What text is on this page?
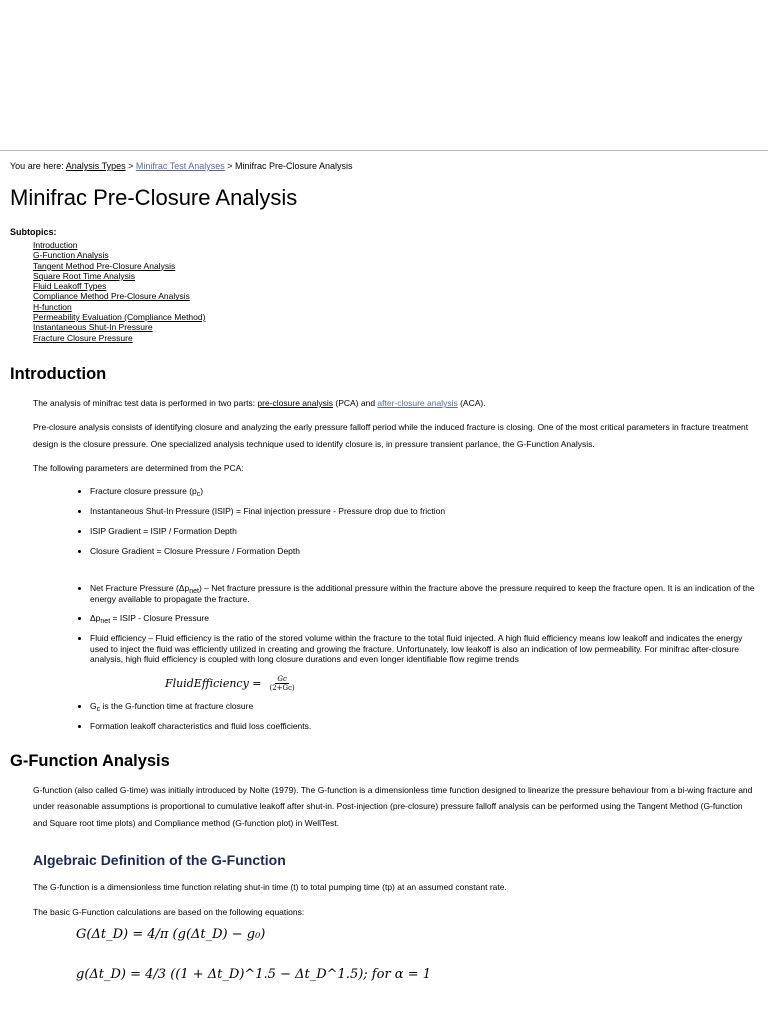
You are here: Analysis Types > Minifrac Test Analyses > Minifrac Pre-Closure Analysis
Minifrac Pre-Closure Analysis
Subtopics:
Introduction
G-Function Analysis
Tangent Method Pre-Closure Analysis
Square Root Time Analysis
Fluid Leakoff Types
Compliance Method Pre-Closure Analysis
H-function
Permeability Evaluation (Compliance Method)
Instantaneous Shut-In Pressure
Fracture Closure Pressure
Introduction

The analysis of minifrac test data is performed in two parts: pre-closure analysis (PCA) and after-closure analysis (ACA).

Pre-closure analysis consists of identifying closure and analyzing the early pressure falloff period while the induced fracture is closing. One of the most critical parameters in fracture treatment design is the closure pressure. One specialized analysis technique used to identify closure is, in pressure transient parlance, the G-Function Analysis.

The following parameters are determined from the PCA:

• Fracture closure pressure $(p_c)$
• Instantaneous Shut-In Pressure (ISIP) = Final injection pressure - Pressure drop due to friction
• ISIP Gradient = ISIP / Formation Depth
• Closure Gradient = Closure Pressure / Formation Depth
• Net Fracture Pressure $(\Delta p_{net})$ – Net fracture pressure is the additional pressure within the fracture above the pressure required to keep the fracture open. It is an indication of the energy available to propagate the fracture.
• $\Delta p_{net}$ = ISIP - Closure Pressure
• Fluid efficiency – Fluid efficiency is the ratio of the stored volume within the fracture to the total fluid injected. A high fluid efficiency means low leakoff and indicates the energy used to inject the fluid was efficiently utilized in creating and growing the fracture. Unfortunately, low leakoff is also an indication of low permeability. For minifrac after-closure analysis, high fluid efficiency is coupled with long closure durations and even longer identifiable flow regime trends
FluidEfficiency = $\frac{Gc}{(2+Gc)}$
• $G_c$ is the G-function time at fracture closure
• Formation leakoff characteristics and fluid loss coefficients.
G-Function Analysis

G-function (also called G-time) was initially introduced by Nolte (1979). The G-function is a dimensionless time function designed to linearize the pressure behaviour from a bi-wing fracture and under reasonable assumptions is proportional to cumulative leakoff after shut-in. Post-injection (pre-closure) pressure falloff analysis can be performed using the Tangent Method (G-function and Square root time plots) and Compliance method (G-function plot) in WellTest.

Algebraic Definition of the G-Function

The G-function is a dimensionless time function relating shut-in time (t) to total pumping time (tp) at an assumed constant rate.

The basic G-Function calculations are based on the following equations:

G(Δt_D) = 4/π (g(Δt_D) − g₀)
g(Δt_D) = 4/3 ((1 + Δt_D)^1.5 − Δt_D^1.5); for α = 1
